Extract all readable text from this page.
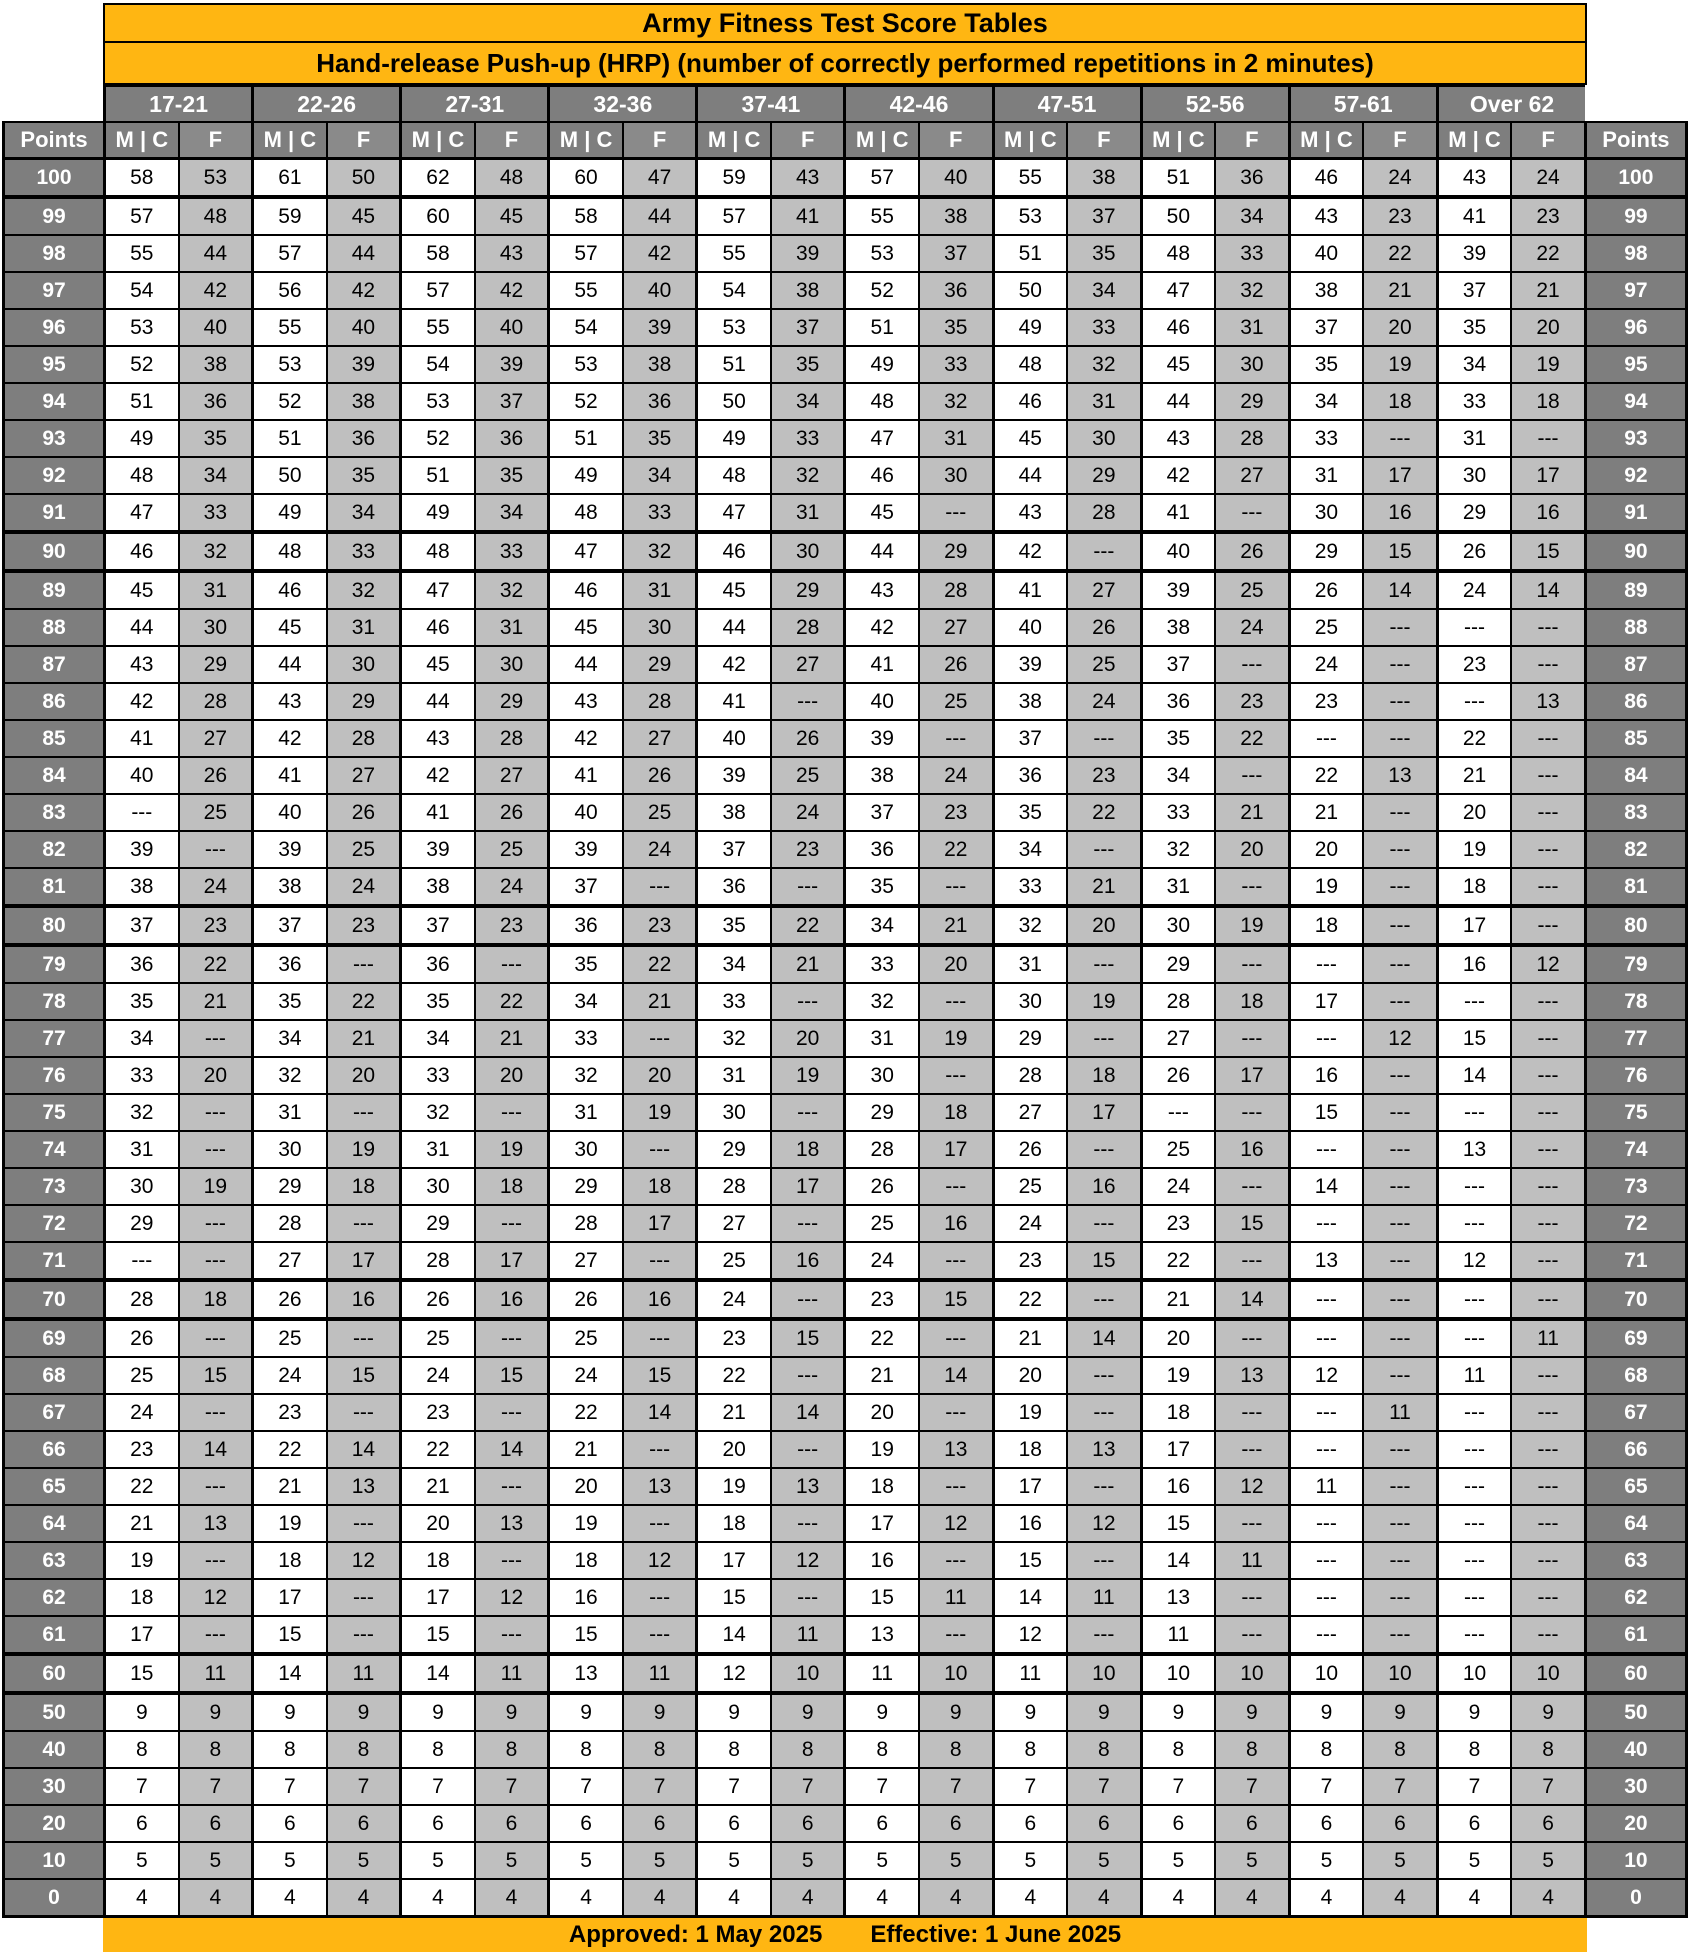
Army Fitness Test Score Tables
Hand-release Push-up (HRP) (number of correctly performed repetitions in 2 minutes)
	17-21		22-26		27-31		32-36		37-41		42-46		47-51		52-56		57-61		Over 62		
Points	M | C	F	M | C	F	M | C	F	M | C	F	M | C	F	M | C	F	M | C	F	M | C	F	M | C	F	M | C	F	Points
100	58	53	61	50	62	48	60	47	59	43	57	40	55	38	51	36	46	24	43	24	100
99	57	48	59	45	60	45	58	44	57	41	55	38	53	37	50	34	43	23	41	23	99
98	55	44	57	44	58	43	57	42	55	39	53	37	51	35	48	33	40	22	39	22	98
97	54	42	56	42	57	42	55	40	54	38	52	36	50	34	47	32	38	21	37	21	97
96	53	40	55	40	55	40	54	39	53	37	51	35	49	33	46	31	37	20	35	20	96
95	52	38	53	39	54	39	53	38	51	35	49	33	48	32	45	30	35	19	34	19	95
94	51	36	52	38	53	37	52	36	50	34	48	32	46	31	44	29	34	18	33	18	94
93	49	35	51	36	52	36	51	35	49	33	47	31	45	30	43	28	33	---	31	---	93
92	48	34	50	35	51	35	49	34	48	32	46	30	44	29	42	27	31	17	30	17	92
91	47	33	49	34	49	34	48	33	47	31	45	---	43	28	41	---	30	16	29	16	91
90	46	32	48	33	48	33	47	32	46	30	44	29	42	---	40	26	29	15	26	15	90
89	45	31	46	32	47	32	46	31	45	29	43	28	41	27	39	25	26	14	24	14	89
88	44	30	45	31	46	31	45	30	44	28	42	27	40	26	38	24	25	---	---	---	88
87	43	29	44	30	45	30	44	29	42	27	41	26	39	25	37	---	24	---	23	---	87
86	42	28	43	29	44	29	43	28	41	---	40	25	38	24	36	23	23	---	---	13	86
85	41	27	42	28	43	28	42	27	40	26	39	---	37	---	35	22	---	---	22	---	85
84	40	26	41	27	42	27	41	26	39	25	38	24	36	23	34	---	22	13	21	---	84
83	---	25	40	26	41	26	40	25	38	24	37	23	35	22	33	21	21	---	20	---	83
82	39	---	39	25	39	25	39	24	37	23	36	22	34	---	32	20	20	---	19	---	82
81	38	24	38	24	38	24	37	---	36	---	35	---	33	21	31	---	19	---	18	---	81
80	37	23	37	23	37	23	36	23	35	22	34	21	32	20	30	19	18	---	17	---	80
79	36	22	36	---	36	---	35	22	34	21	33	20	31	---	29	---	---	---	16	12	79
78	35	21	35	22	35	22	34	21	33	---	32	---	30	19	28	18	17	---	---	---	78
77	34	---	34	21	34	21	33	---	32	20	31	19	29	---	27	---	---	12	15	---	77
76	33	20	32	20	33	20	32	20	31	19	30	---	28	18	26	17	16	---	14	---	76
75	32	---	31	---	32	---	31	19	30	---	29	18	27	17	---	---	15	---	---	---	75
74	31	---	30	19	31	19	30	---	29	18	28	17	26	---	25	16	---	---	13	---	74
73	30	19	29	18	30	18	29	18	28	17	26	---	25	16	24	---	14	---	---	---	73
72	29	---	28	---	29	---	28	17	27	---	25	16	24	---	23	15	---	---	---	---	72
71	---	---	27	17	28	17	27	---	25	16	24	---	23	15	22	---	13	---	12	---	71
70	28	18	26	16	26	16	26	16	24	---	23	15	22	---	21	14	---	---	---	---	70
69	26	---	25	---	25	---	25	---	23	15	22	---	21	14	20	---	---	---	---	11	69
68	25	15	24	15	24	15	24	15	22	---	21	14	20	---	19	13	12	---	11	---	68
67	24	---	23	---	23	---	22	14	21	14	20	---	19	---	18	---	---	11	---	---	67
66	23	14	22	14	22	14	21	---	20	---	19	13	18	13	17	---	---	---	---	---	66
65	22	---	21	13	21	---	20	13	19	13	18	---	17	---	16	12	11	---	---	---	65
64	21	13	19	---	20	13	19	---	18	---	17	12	16	12	15	---	---	---	---	---	64
63	19	---	18	12	18	---	18	12	17	12	16	---	15	---	14	11	---	---	---	---	63
62	18	12	17	---	17	12	16	---	15	---	15	11	14	11	13	---	---	---	---	---	62
61	17	---	15	---	15	---	15	---	14	11	13	---	12	---	11	---	---	---	---	---	61
60	15	11	14	11	14	11	13	11	12	10	11	10	11	10	10	10	10	10	10	10	60
50	9	9	9	9	9	9	9	9	9	9	9	9	9	9	9	9	9	9	9	9	50
40	8	8	8	8	8	8	8	8	8	8	8	8	8	8	8	8	8	8	8	8	40
30	7	7	7	7	7	7	7	7	7	7	7	7	7	7	7	7	7	7	7	7	30
20	6	6	6	6	6	6	6	6	6	6	6	6	6	6	6	6	6	6	6	6	20
10	5	5	5	5	5	5	5	5	5	5	5	5	5	5	5	5	5	5	5	5	10
0	4	4	4	4	4	4	4	4	4	4	4	4	4	4	4	4	4	4	4	4	0
Approved: 1 May 2025 Effective: 1 June 2025
